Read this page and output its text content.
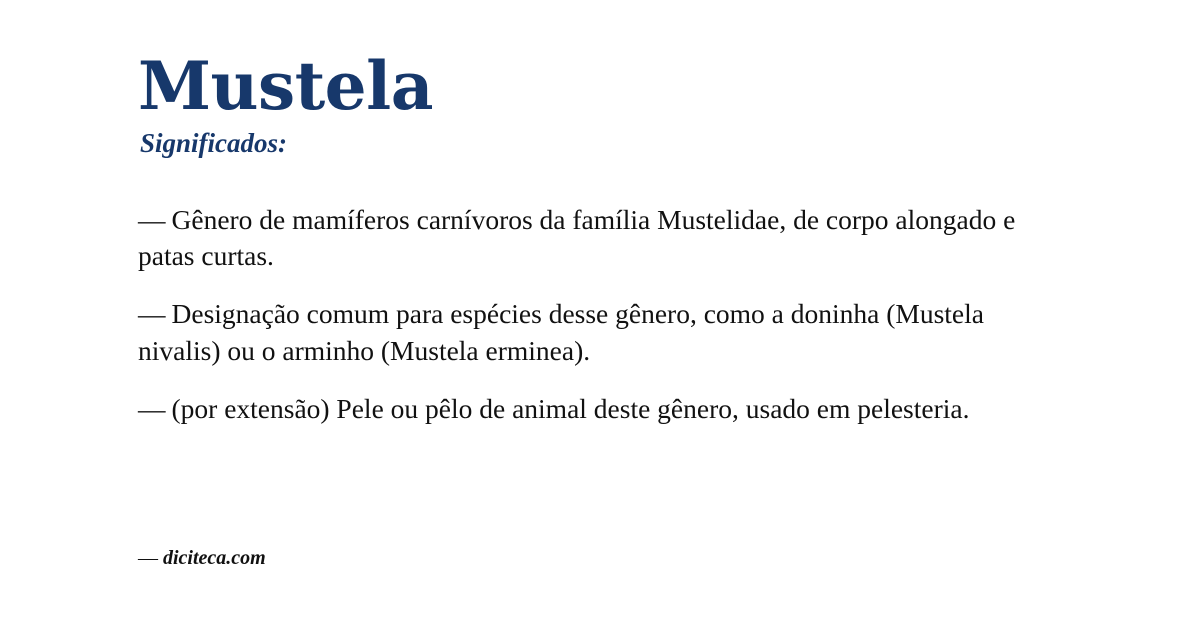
Mustela
Significados:

— Gênero de mamíferos carnívoros da família Mustelidae, de corpo alongado e patas curtas.

— Designação comum para espécies desse gênero, como a doninha (Mustela nivalis) ou o arminho (Mustela erminea).

— (por extensão) Pele ou pêlo de animal deste gênero, usado em pelesteria.

— diciteca.com
